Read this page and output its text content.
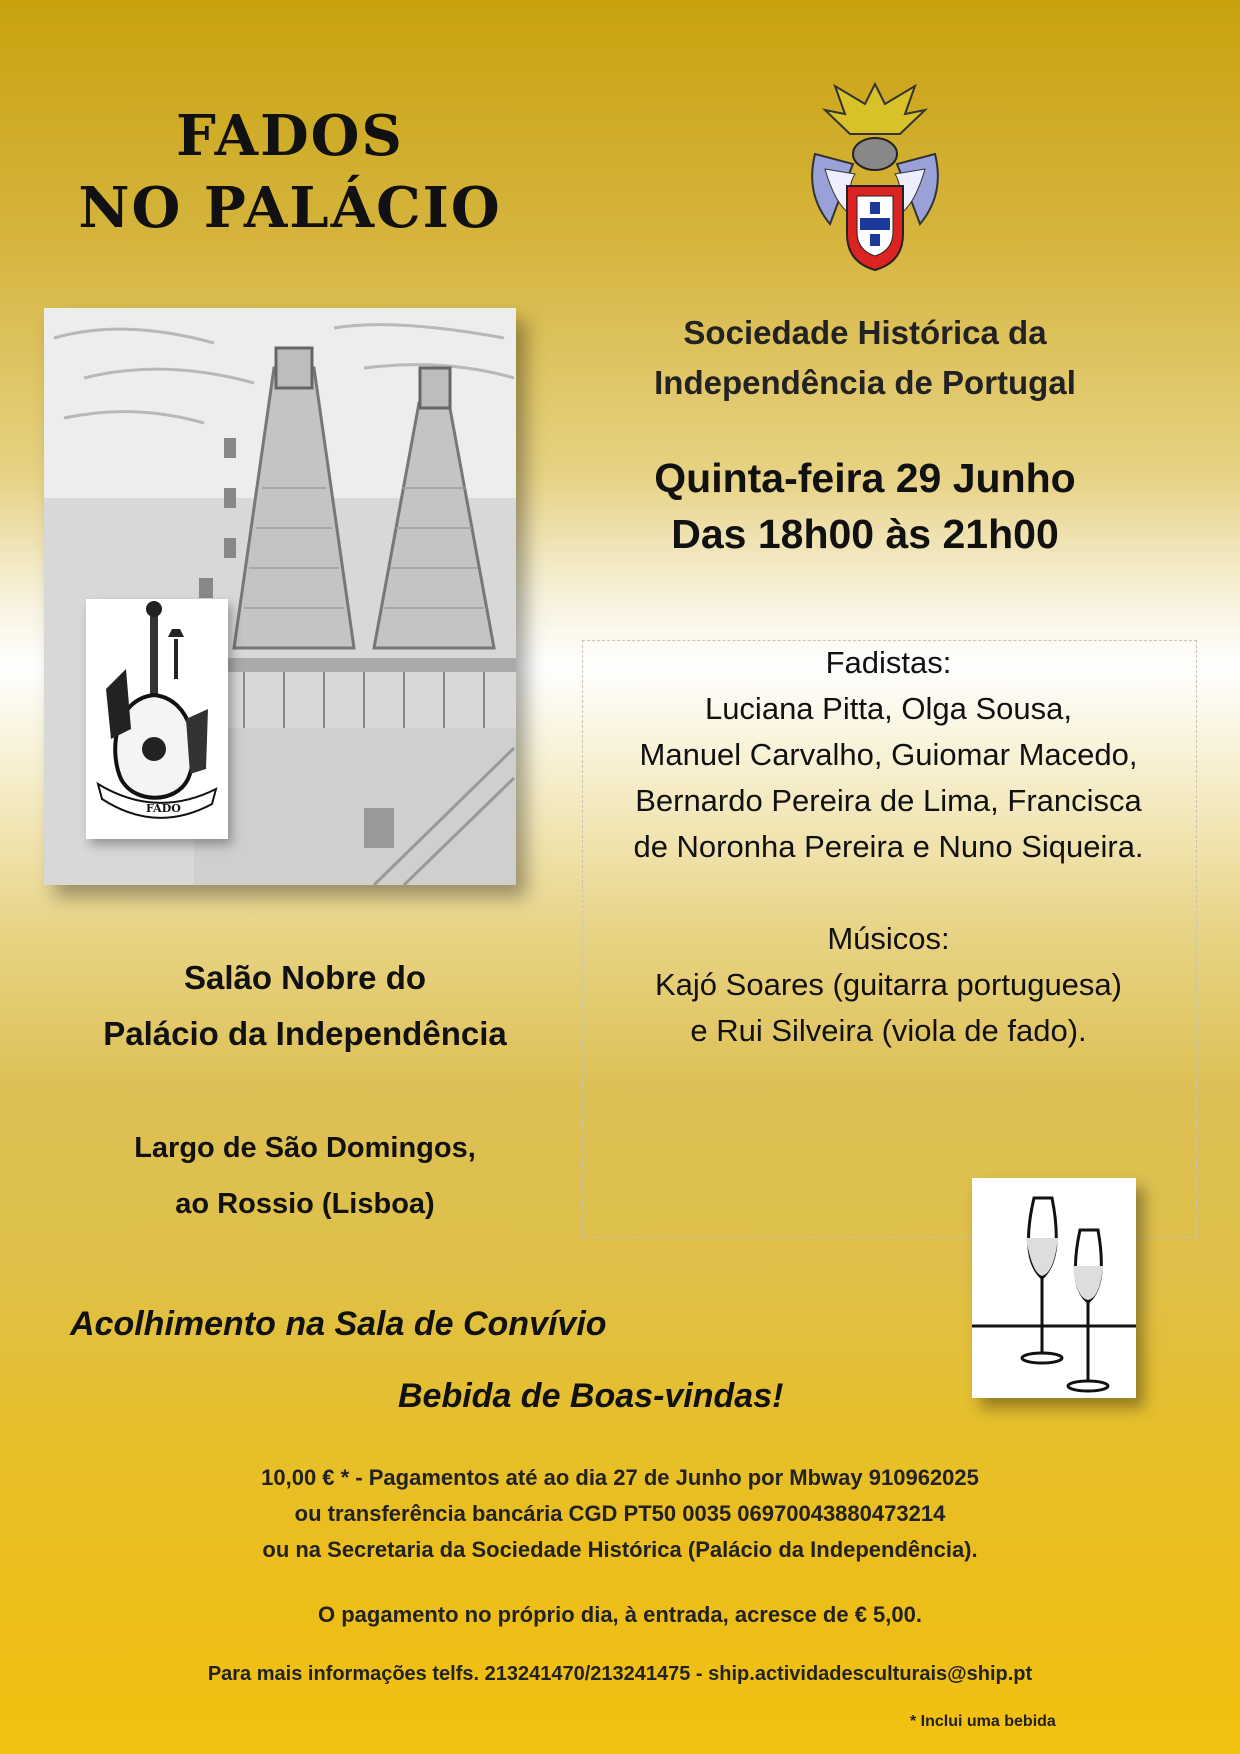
FADOS
NO PALÁCIO
Sociedade Histórica da
Independência de Portugal
Quinta-feira 29 Junho
Das 18h00 às 21h00
FADO
Fadistas:
Luciana Pitta, Olga Sousa,
Manuel Carvalho, Guiomar Macedo,
Bernardo Pereira de Lima, Francisca
de Noronha Pereira e Nuno Siqueira.
Músicos:
Kajó Soares (guitarra portuguesa)
e Rui Silveira (viola de fado).
Salão Nobre do
Palácio da Independência
Largo de São Domingos,
ao Rossio (Lisboa)
Acolhimento na Sala de Convívio
Bebida de Boas-vindas!
10,00 € * - Pagamentos até ao dia 27 de Junho por Mbway 910962025
ou transferência bancária CGD PT50 0035 06970043880473214
ou na Secretaria da Sociedade Histórica (Palácio da Independência).
O pagamento no próprio dia, à entrada, acresce de € 5,00.
Para mais informações telfs. 213241470/213241475 - ship.actividadesculturais@ship.pt
* Inclui uma bebida
